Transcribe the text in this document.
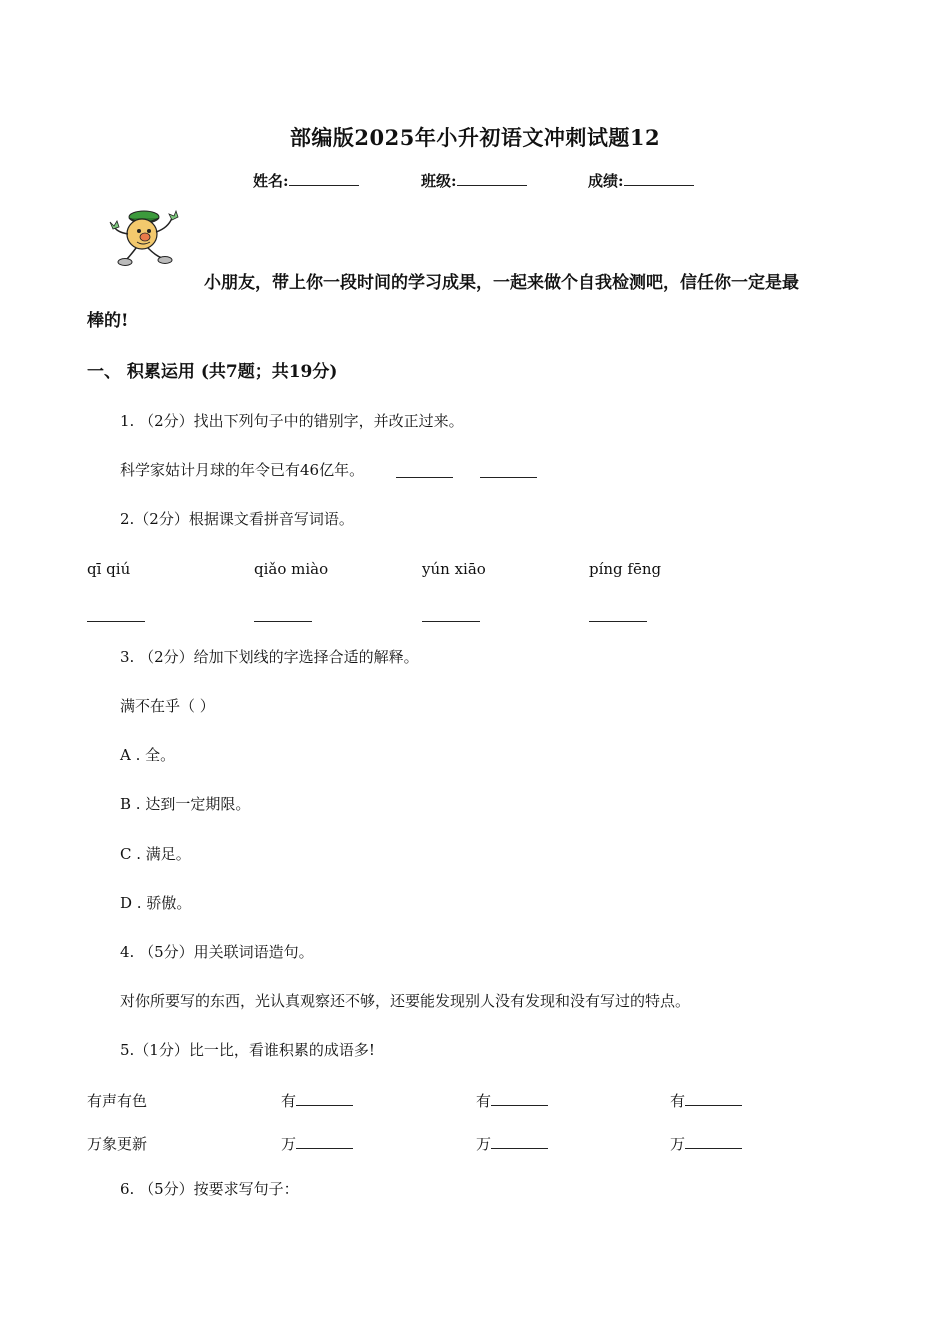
部编版2025年小升初语文冲刺试题12
姓名:	班级:	成绩:
小朋友，带上你一段时间的学习成果，一起来做个自我检测吧，信任你一定是最
棒的!
一、 积累运用 (共7题；共19分)
1. （2分）找出下列句子中的错别字，并改正过来。
科学家姑计月球的年令已有46亿年。
2.（2分）根据课文看拼音写词语。
qī qiú	qiǎo miào	yún xiāo	píng fēng
3. （2分）给加下划线的字选择合适的解释。
满不在乎（ ）
A . 全。
B . 达到一定期限。
C . 满足。
D . 骄傲。
4. （5分）用关联词语造句。
对你所要写的东西，光认真观察还不够，还要能发现别人没有发现和没有写过的特点。
5.（1分）比一比，看谁积累的成语多!
有声有色	有	有	有
万象更新	万	万	万
6. （5分）按要求写句子：
